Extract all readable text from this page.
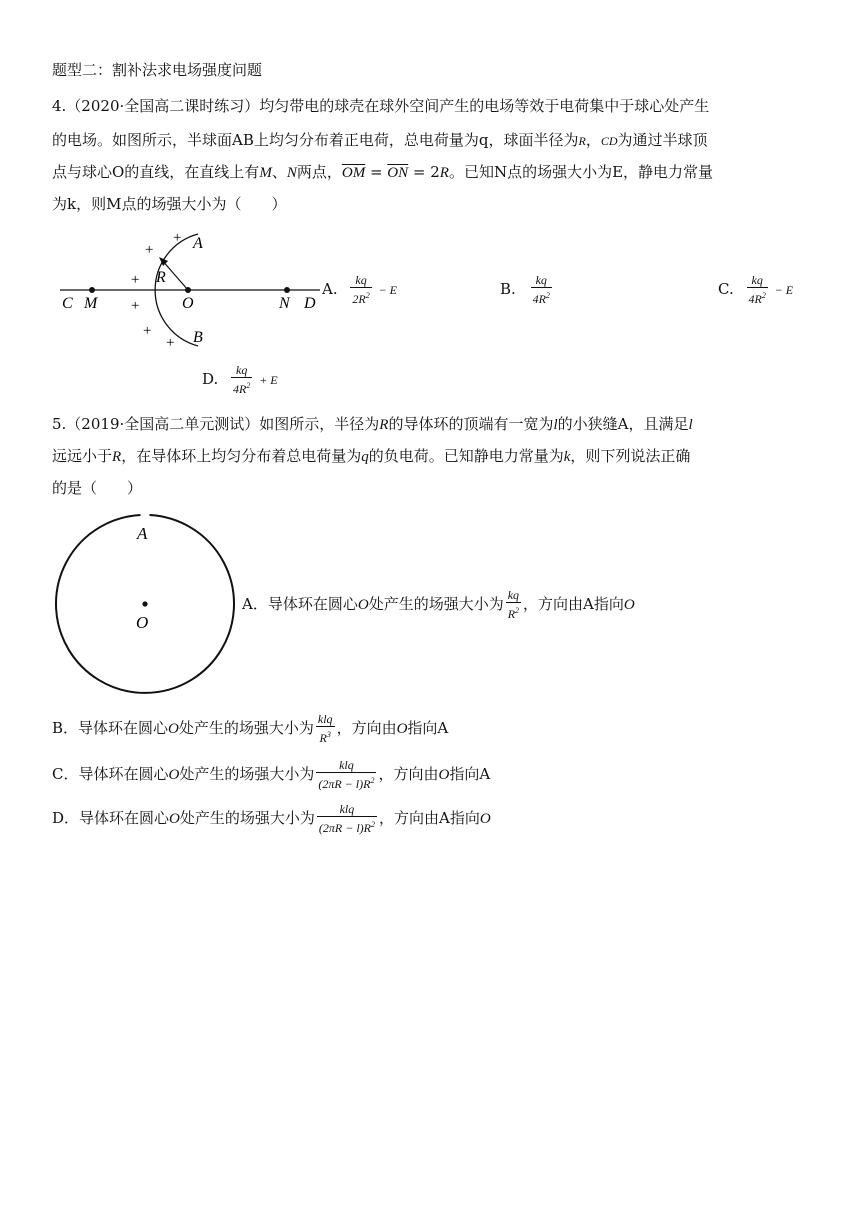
题型二：割补法求电场强度问题
4.（2020·全国高二课时练习）均匀带电的球壳在球外空间产生的电场等效于电荷集中于球心处产生
的电场。如图所示，半球面AB上均匀分布着正电荷，总电荷量为q，球面半径为R，CD为通过半球顶
点与球心O的直线，在直线上有M、N两点，$\overline{OM} = \overline{ON} = 2R$。已知N点的场强大小为E，静电力常量
为k，则M点的场强大小为（　　）
C M	O	N D
A
B
R
+
+
+
+
+
+
A. $\frac{kq}{2R^2} - E$	B. $\frac{kq}{4R^2}$	C. $\frac{kq}{4R^2} - E$
D. $\frac{kq}{4R^2} + E$
5.（2019·全国高二单元测试）如图所示，半径为R的导体环的顶端有一宽为l的小狭缝A，且满足l
远远小于R，在导体环上均匀分布着总电荷量为q的负电荷。已知静电力常量为k，则下列说法正确
的是（　　）
A
O
A．导体环在圆心O处产生的场强大小为 $\frac{kq}{R^2}$ ，方向由A指向O
B．导体环在圆心O处产生的场强大小为 $\frac{\text{klq}}{R^3}$ ，方向由O指向A
C．导体环在圆心O处产生的场强大小为 $\frac{\text{klq}}{(2\pi R - l)R^2}$ ，方向由O指向A
D．导体环在圆心O处产生的场强大小为 $\frac{\text{klq}}{(2\pi R - l)R^2}$ ，方向由A指向O
